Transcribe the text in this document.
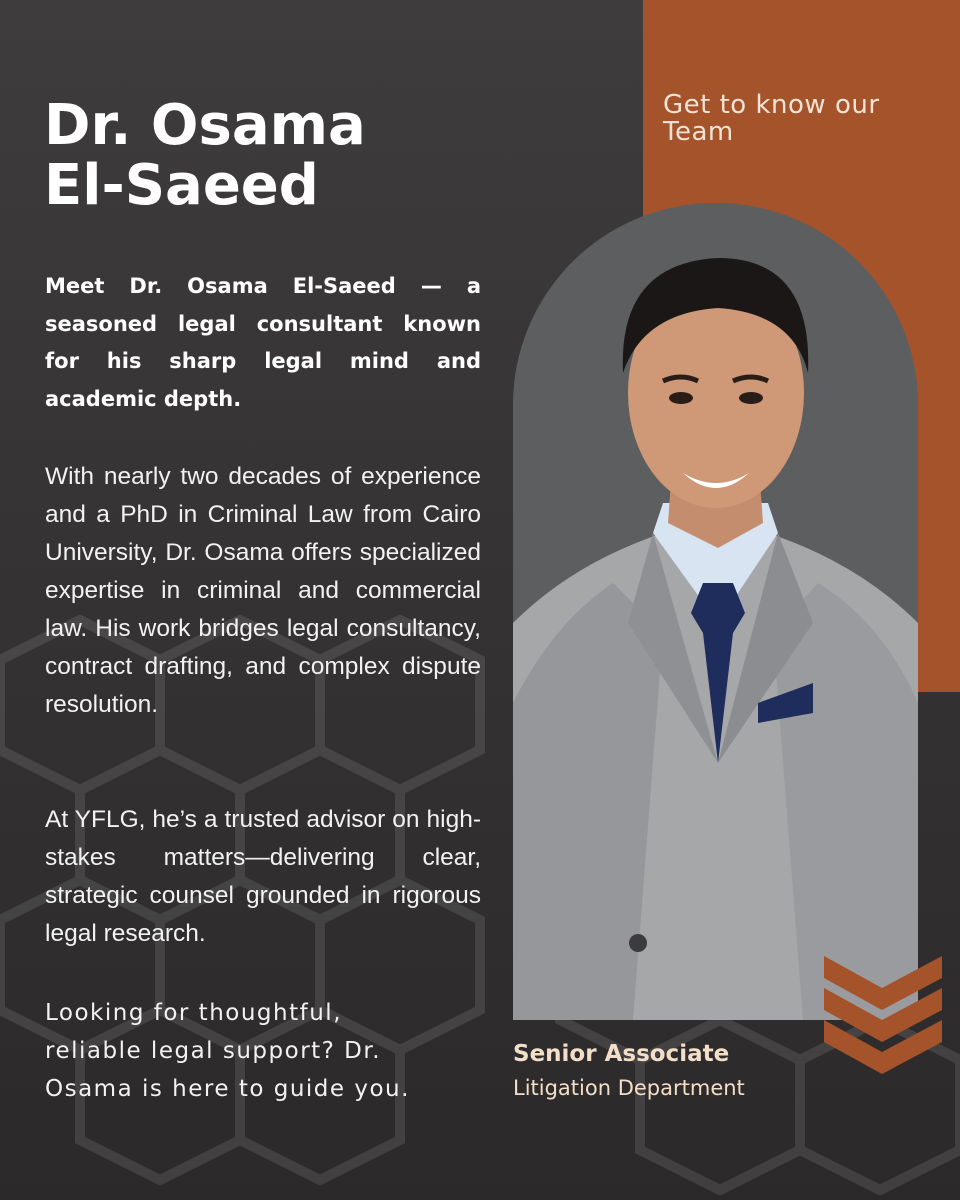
Get to know our Team

Dr. Osama
El-Saeed

Meet Dr. Osama El-Saeed — a seasoned legal consultant known for his sharp legal mind and academic depth.

With nearly two decades of experience and a PhD in Criminal Law from Cairo University, Dr. Osama offers specialized expertise in criminal and commercial law. His work bridges legal consultancy, contract drafting, and complex dispute resolution.

At YFLG, he’s a trusted advisor on high-stakes matters—delivering clear, strategic counsel grounded in rigorous legal research.

Looking for thoughtful,
reliable legal support? Dr.
Osama is here to guide you.

Senior Associate

Litigation Department
